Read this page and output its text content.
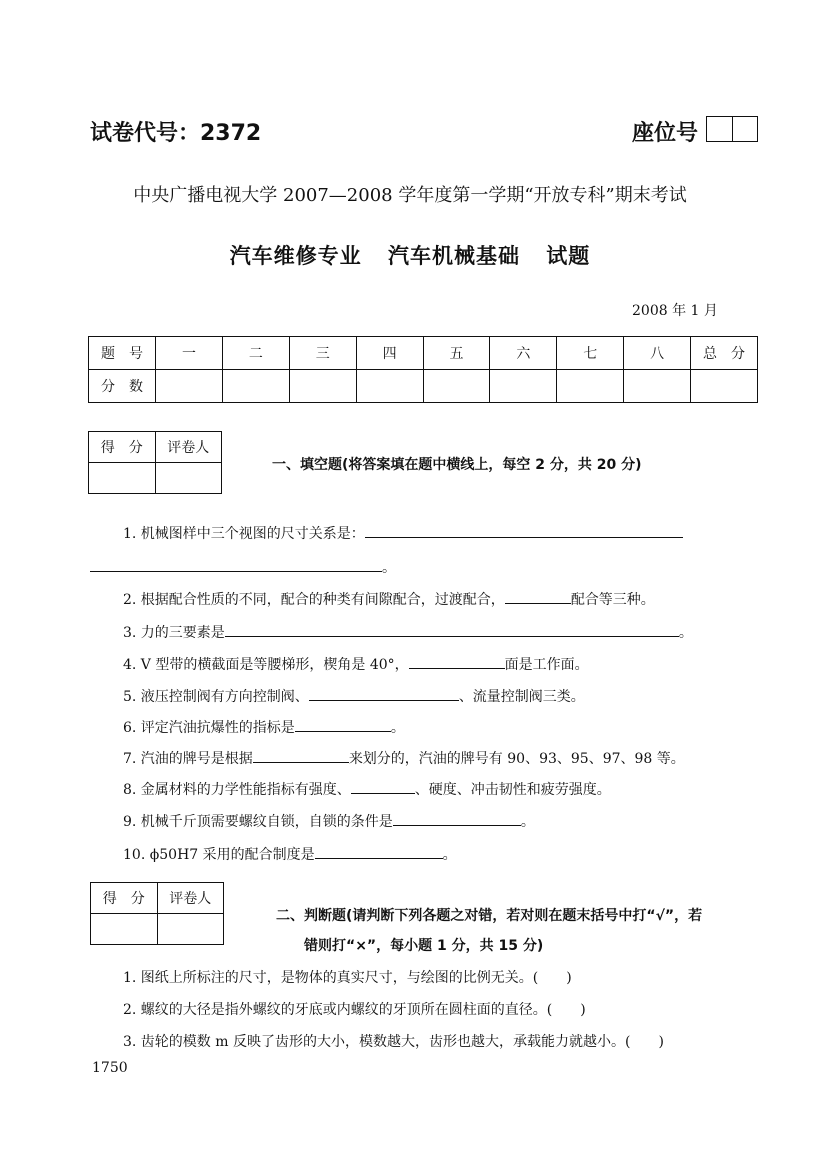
试卷代号：2372	座位号
中央广播电视大学 2007—2008 学年度第一学期“开放专科”期末考试
汽车维修专业 汽车机械基础 试题
2008 年 1 月
题　号	一	二	三	四	五	六	七	八	总　分
分　数									
得　分	评卷人

一、填空题(将答案填在题中横线上，每空 2 分，共 20 分)
1. 机械图样中三个视图的尺寸关系是：
。
2. 根据配合性质的不同，配合的种类有间隙配合，过渡配合，	配合等三种。
3. 力的三要素是	。
4. V 型带的横截面是等腰梯形，楔角是 40°，	面是工作面。
5. 液压控制阀有方向控制阀、	、流量控制阀三类。
6. 评定汽油抗爆性的指标是	。
7. 汽油的牌号是根据	来划分的，汽油的牌号有 90、93、95、97、98 等。
8. 金属材料的力学性能指标有强度、	、硬度、冲击韧性和疲劳强度。
9. 机械千斤顶需要螺纹自锁，自锁的条件是	。
10. ϕ50H7 采用的配合制度是	。
得　分	评卷人

二、判断题(请判断下列各题之对错，若对则在题末括号中打“√”，若
错则打“×”，每小题 1 分，共 15 分)
1. 图纸上所标注的尺寸，是物体的真实尺寸，与绘图的比例无关。(　　)
2. 螺纹的大径是指外螺纹的牙底或内螺纹的牙顶所在圆柱面的直径。(　　)
3. 齿轮的模数 m 反映了齿形的大小，模数越大，齿形也越大，承载能力就越小。(　　)
1750
